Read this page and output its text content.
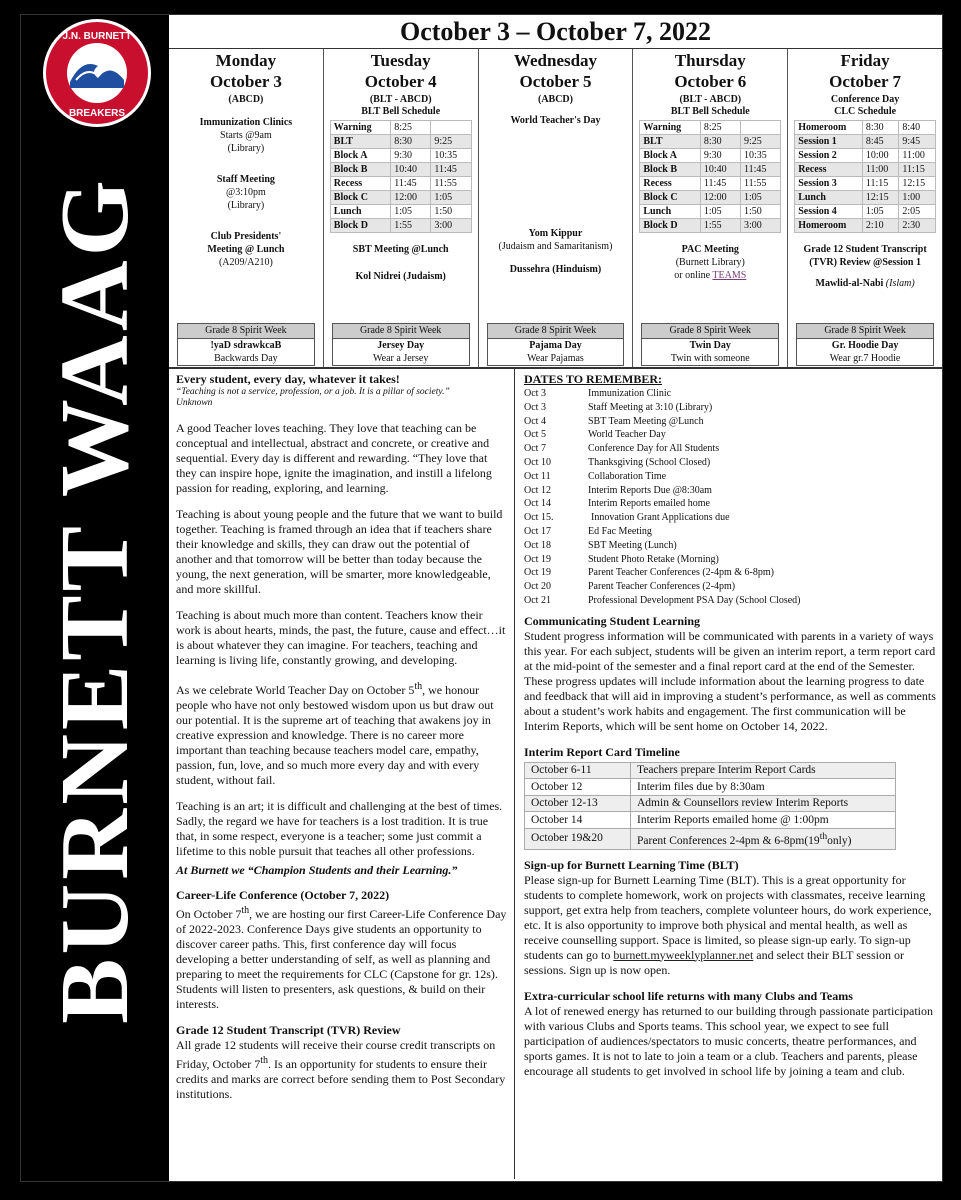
J.N. BURNETT
BREAKERS
BURNETT WAAG
October 3 – October 7, 2022
Monday
October 3
(ABCD)
Immunization Clinics
Starts @9am
(Library)
Staff Meeting
@3:10pm
(Library)
Club Presidents'
Meeting @ Lunch
(A209/A210)
Grade 8 Spirit Week
!yaD sdrawkcaB
Backwards Day
Tuesday
October 4
(BLT - ABCD)
BLT Bell Schedule
Warning	8:25	
BLT	8:30	9:25
Block A	9:30	10:35
Block B	10:40	11:45
Recess	11:45	11:55
Block C	12:00	1:05
Lunch	1:05	1:50
Block D	1:55	3:00
SBT Meeting @Lunch
Kol Nidrei (Judaism)
Grade 8 Spirit Week
Jersey Day
Wear a Jersey
Wednesday
October 5
(ABCD)
World Teacher's Day
Yom Kippur
(Judaism and Samaritanism)
Dussehra (Hinduism)
Grade 8 Spirit Week
Pajama Day
Wear Pajamas
Thursday
October 6
(BLT - ABCD)
BLT Bell Schedule
Warning	8:25	
BLT	8:30	9:25
Block A	9:30	10:35
Block B	10:40	11:45
Recess	11:45	11:55
Block C	12:00	1:05
Lunch	1:05	1:50
Block D	1:55	3:00
PAC Meeting
(Burnett Library)
or online TEAMS
Grade 8 Spirit Week
Twin Day
Twin with someone
Friday
October 7
Conference Day
CLC Schedule
Homeroom	8:30	8:40
Session 1	8:45	9:45
Session 2	10:00	11:00
Recess	11:00	11:15
Session 3	11:15	12:15
Lunch	12:15	1:00
Session 4	1:05	2:05
Homeroom	2:10	2:30
Grade 12 Student Transcript
(TVR) Review @Session 1
Mawlid-al-Nabi (Islam)
Grade 8 Spirit Week
Gr. Hoodie Day
Wear gr.7 Hoodie
Every student, every day, whatever it takes!
“Teaching is not a service, profession, or a job. It is a pillar of society.”
Unknown

A good Teacher loves teaching. They love that teaching can be conceptual and intellectual, abstract and concrete, or creative and sequential. Every day is different and rewarding. “They love that they can inspire hope, ignite the imagination, and instill a lifelong passion for reading, exploring, and learning.

Teaching is about young people and the future that we want to build together. Teaching is framed through an idea that if teachers share their knowledge and skills, they can draw out the potential of another and that tomorrow will be better than today because the young, the next generation, will be smarter, more knowledgeable, and more skillful.

Teaching is about much more than content. Teachers know their work is about hearts, minds, the past, the future, cause and effect…it is about whatever they can imagine. For teachers, teaching and learning is living life, constantly growing, and developing.

As we celebrate World Teacher Day on October 5th, we honour people who have not only bestowed wisdom upon us but draw out our potential. It is the supreme art of teaching that awakens joy in creative expression and knowledge. There is no career more important than teaching because teachers model care, empathy, passion, fun, love, and so much more every day and with every student, without fail.

Teaching is an art; it is difficult and challenging at the best of times. Sadly, the regard we have for teachers is a lost tradition. It is true that, in some respect, everyone is a teacher; some just commit a lifetime to this noble pursuit that teaches all other professions.

At Burnett we “Champion Students and their Learning.”
Career-Life Conference (October 7, 2022)

On October 7th, we are hosting our first Career-Life Conference Day of 2022-2023. Conference Days give students an opportunity to discover career paths. This, first conference day will focus developing a better understanding of self, as well as planning and preparing to meet the requirements for CLC (Capstone for gr. 12s). Students will listen to presenters, ask questions, & build on their interests.

Grade 12 Student Transcript (TVR) Review

All grade 12 students will receive their course credit transcripts on Friday, October 7th. Is an opportunity for students to ensure their credits and marks are correct before sending them to Post Secondary institutions.

DATES TO REMEMBER:
Oct 3	Immunization Clinic
Oct 3	Staff Meeting at 3:10 (Library)
Oct 4	SBT Team Meeting @Lunch
Oct 5	World Teacher Day
Oct 7	Conference Day for All Students
Oct 10	Thanksgiving (School Closed)
Oct 11	Collaboration Time
Oct 12	Interim Reports Due @8:30am
Oct 14	Interim Reports emailed home
Oct 15.	Innovation Grant Applications due
Oct 17	Ed Fac Meeting
Oct 18	SBT Meeting (Lunch)
Oct 19	Student Photo Retake (Morning)
Oct 19	Parent Teacher Conferences (2-4pm & 6-8pm)
Oct 20	Parent Teacher Conferences (2-4pm)
Oct 21	Professional Development PSA Day (School Closed)
Communicating Student Learning

Student progress information will be communicated with parents in a variety of ways this year. For each subject, students will be given an interim report, a term report card at the mid-point of the semester and a final report card at the end of the Semester. These progress updates will include information about the learning progress to date and feedback that will aid in improving a student’s performance, as well as comments about a student’s work habits and engagement. The first communication will be Interim Reports, which will be sent home on October 14, 2022.

Interim Report Card Timeline
October 6-11	Teachers prepare Interim Report Cards
October 12	Interim files due by 8:30am
October 12-13	Admin & Counsellors review Interim Reports
October 14	Interim Reports emailed home @ 1:00pm
October 19&20	Parent Conferences 2-4pm & 6-8pm(19thonly)
Sign-up for Burnett Learning Time (BLT)

Please sign-up for Burnett Learning Time (BLT). This is a great opportunity for students to complete homework, work on projects with classmates, receive learning support, get extra help from teachers, complete volunteer hours, do work experience, etc. It is also opportunity to improve both physical and mental health, as well as receive counselling support. Space is limited, so please sign-up early. To sign-up students can go to burnett.myweeklyplanner.net and select their BLT session or sessions. Sign up is now open.

Extra-curricular school life returns with many Clubs and Teams

A lot of renewed energy has returned to our building through passionate participation with various Clubs and Sports teams. This school year, we expect to see full participation of audiences/spectators to music concerts, theatre performances, and sports games. It is not to late to join a team or a club. Teachers and parents, please encourage all students to get involved in school life by joining a team and club.
